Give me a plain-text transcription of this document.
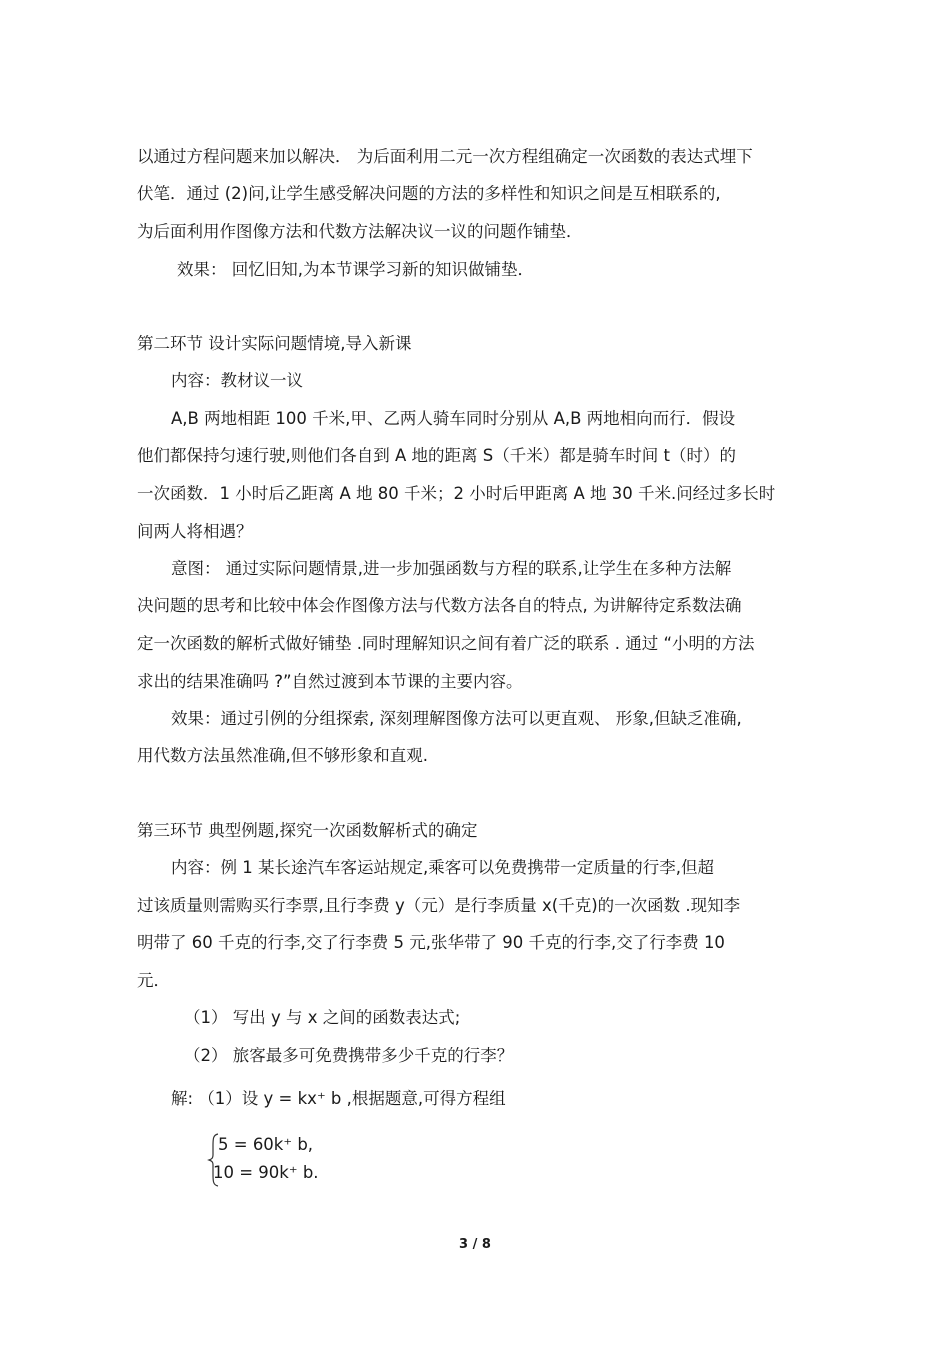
以通过方程问题来加以解决． 为后面利用二元一次方程组确定一次函数的表达式埋下
伏笔．通过 (2)问,让学生感受解决问题的方法的多样性和知识之间是互相联系的,
为后面利用作图像方法和代数方法解决议一议的问题作铺垫．
效果： 回忆旧知,为本节课学习新的知识做铺垫．
第二环节 设计实际问题情境,导入新课
内容：教材议一议
A,B 两地相距 100 千米,甲、乙两人骑车同时分别从 A,B 两地相向而行．假设
他们都保持匀速行驶,则他们各自到 A 地的距离 S（千米）都是骑车时间 t（时）的
一次函数．1 小时后乙距离 A 地 80 千米；2 小时后甲距离 A 地 30 千米.问经过多长时
间两人将相遇？
意图： 通过实际问题情景,进一步加强函数与方程的联系,让学生在多种方法解
决问题的思考和比较中体会作图像方法与代数方法各自的特点, 为讲解待定系数法确
定一次函数的解析式做好铺垫 .同时理解知识之间有着广泛的联系 . 通过 “小明的方法
求出的结果准确吗 ?”自然过渡到本节课的主要内容。
效果：通过引例的分组探索, 深刻理解图像方法可以更直观、 形象,但缺乏准确,
用代数方法虽然准确,但不够形象和直观.
第三环节 典型例题,探究一次函数解析式的确定
内容：例 1 某长途汽车客运站规定,乘客可以免费携带一定质量的行李,但超
过该质量则需购买行李票,且行李费 y（元）是行李质量 x(千克)的一次函数 .现知李
明带了 60 千克的行李,交了行李费 5 元,张华带了 90 千克的行李,交了行李费 10
元．
（1） 写出 y 与 x 之间的函数表达式;
（2） 旅客最多可免费携带多少千克的行李？
解: （1）设 y = kx⁺ b ,根据题意,可得方程组
5 = 60k⁺ b,
10 = 90k⁺ b.
3 / 8
